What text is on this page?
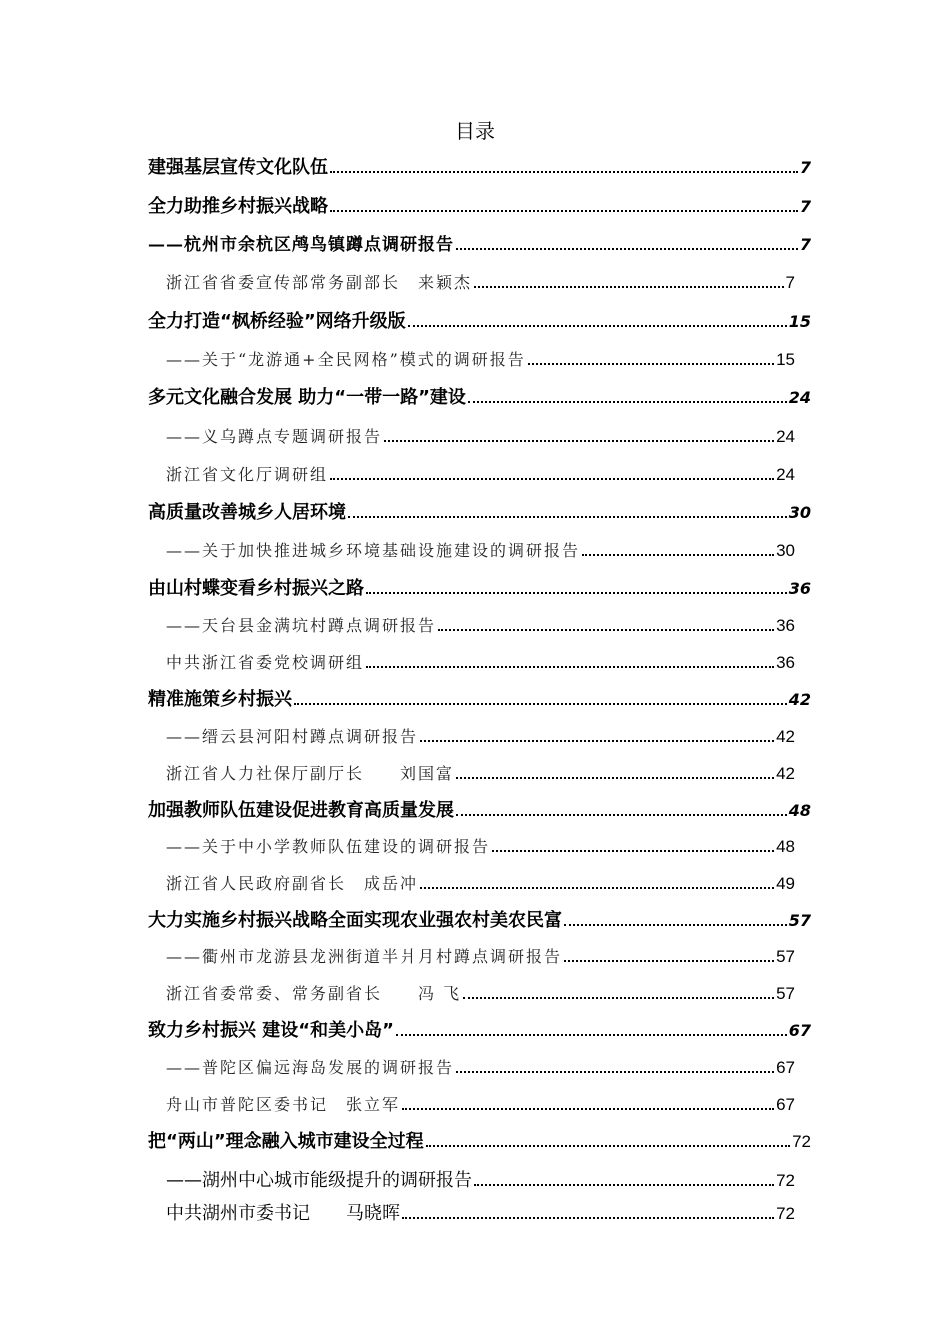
目录
建强基层宣传文化队伍	7
全力助推乡村振兴战略	7
——杭州市余杭区鸬鸟镇蹲点调研报告	7
浙江省省委宣传部常务副部长　来颖杰	7
全力打造“枫桥经验”网络升级版	15
——关于“龙游通+全民网格”模式的调研报告	15
多元文化融合发展 助力“一带一路”建设	24
——义乌蹲点专题调研报告	24
浙江省文化厅调研组	24
高质量改善城乡人居环境	30
——关于加快推进城乡环境基础设施建设的调研报告	30
由山村蝶变看乡村振兴之路	36
——天台县金满坑村蹲点调研报告	36
中共浙江省委党校调研组	36
精准施策乡村振兴	42
——缙云县河阳村蹲点调研报告	42
浙江省人力社保厅副厅长　　刘国富	42
加强教师队伍建设促进教育高质量发展	48
——关于中小学教师队伍建设的调研报告	48
浙江省人民政府副省长　成岳冲	49
大力实施乡村振兴战略全面实现农业强农村美农民富	57
——衢州市龙游县龙洲街道半爿月村蹲点调研报告	57
浙江省委常委、常务副省长　　冯 飞	57
致力乡村振兴 建设“和美小岛”	67
——普陀区偏远海岛发展的调研报告	67
舟山市普陀区委书记　张立军	67
把“两山”理念融入城市建设全过程	72
——湖州中心城市能级提升的调研报告	72
中共湖州市委书记　　马晓晖	72
